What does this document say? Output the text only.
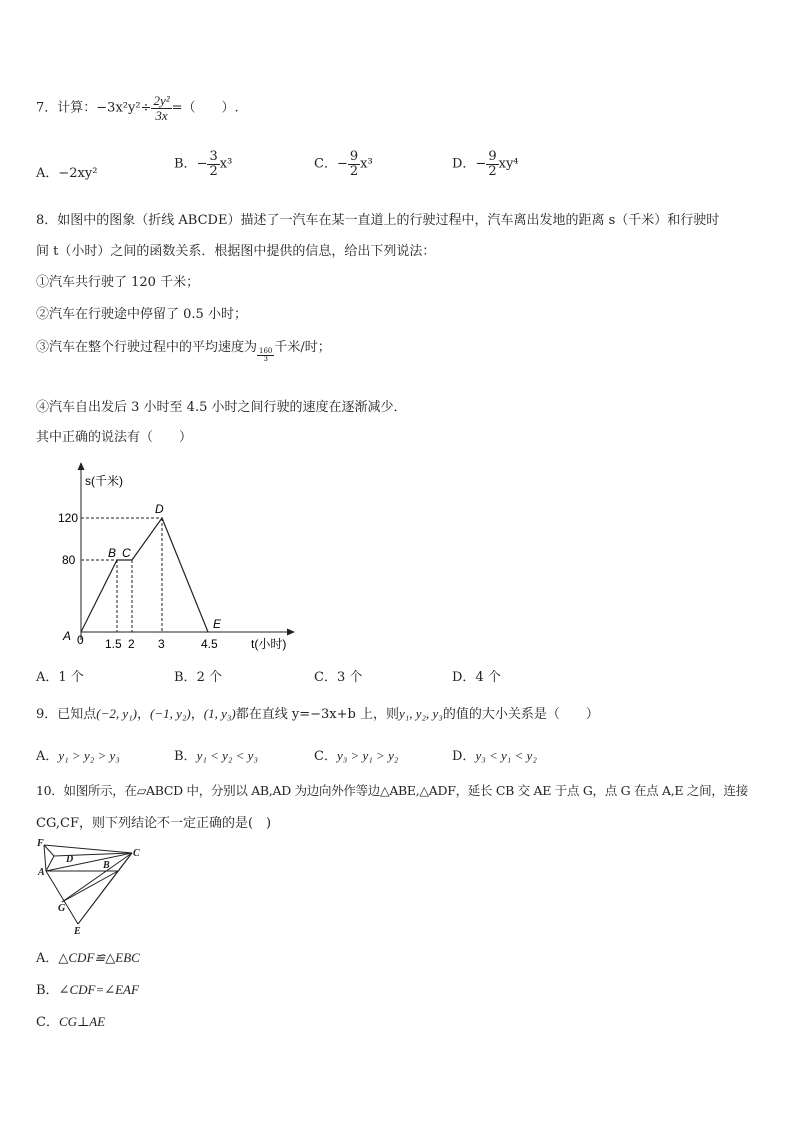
7．计算：$-3x^2y^2\div \frac{\text{2y²}}{3x}$ =（　　）.
A．−2xy²
B．− $\frac{3}{2} x^3$	C．− $\frac{9}{2} x^3$	D．− $\frac{9}{2} xy^4$
8．如图中的图象（折线 ABCDE）描述了一汽车在某一直道上的行驶过程中，汽车离出发地的距离 s（千米）和行驶时
间 t（小时）之间的函数关系．根据图中提供的信息，给出下列说法：
①汽车共行驶了 120 千米；
②汽车在行驶途中停留了 0.5 小时；
③汽车在整个行驶过程中的平均速度为
$\frac{160}{3}$
千米/时；
④汽车自出发后 3 小时至 4.5 小时之间行驶的速度在逐渐减少．
其中正确的说法有（　　）
s(千米)
t(小时)
120
80
0 1.5 2 3	4.5
A
B C
D
E
A．1 个	B．2 个	C．3 个	D．4 个
9．已知点(−2, y₁)，(−1, y₂)，(1, y₃)都在直线 y=−3x+b 上，则y₁, y₂, y₃的值的大小关系是（　　）
A．y₁ > y₂ > y₃	B．y₁ < y₂ < y₃	C．y₃ > y₁ > y₂	D．y₃ < y₁ < y₂
10．如图所示，在▱ABCD 中，分别以 AB,AD 为边向外作等边△ABE,△ADF，延长 CB 交 AE 于点 G，点 G 在点 A,E 之间，连接
CG,CF，则下列结论不一定正确的是(　)
F
D
C
A
B
G
E
A．△CDF≌△EBC
B．∠CDF=∠EAF
C．CG⊥AE
